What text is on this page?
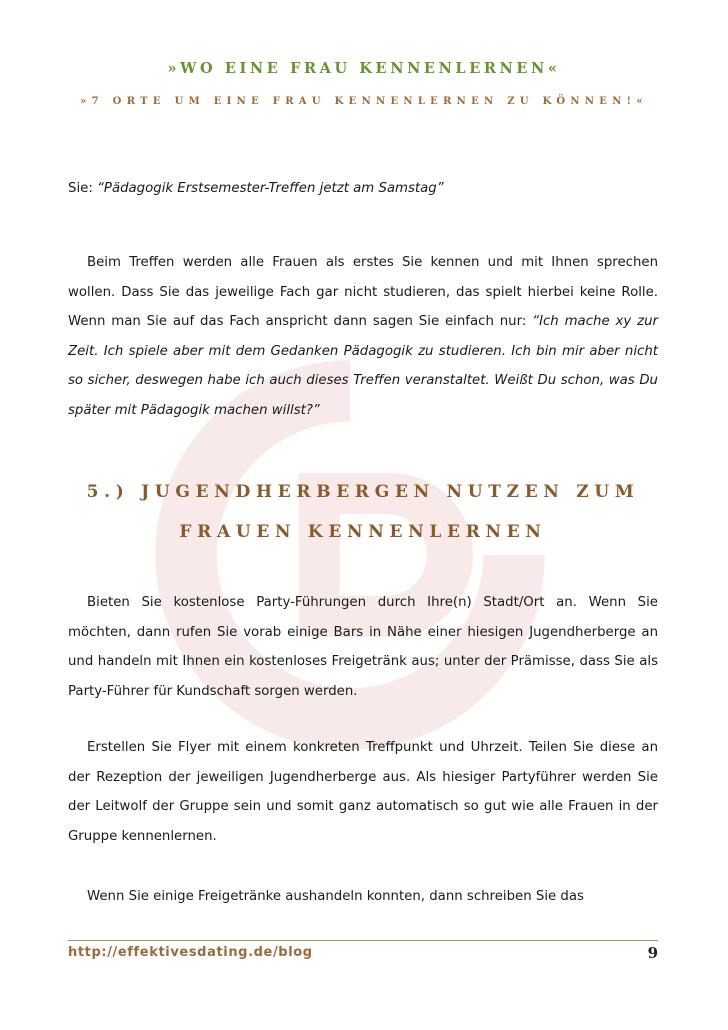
»WO EINE FRAU KENNENLERNEN«
»7 ORTE UM EINE FRAU KENNENLERNEN ZU KÖNNEN!«
Sie: “Pädagogik Erstsemester-Treffen jetzt am Samstag”
Beim Treffen werden alle Frauen als erstes Sie kennen und mit Ihnen sprechen wollen. Dass Sie das jeweilige Fach gar nicht studieren, das spielt hierbei keine Rolle. Wenn man Sie auf das Fach anspricht dann sagen Sie einfach nur: “Ich mache xy zur Zeit. Ich spiele aber mit dem Gedanken Pädagogik zu studieren. Ich bin mir aber nicht so sicher, deswegen habe ich auch dieses Treffen veranstaltet. Weißt Du schon, was Du später mit Pädagogik machen willst?”
5.) JUGENDHERBERGEN NUTZEN ZUM
FRAUEN KENNENLERNEN
Bieten Sie kostenlose Party-Führungen durch Ihre(n) Stadt/Ort an. Wenn Sie möchten, dann rufen Sie vorab einige Bars in Nähe einer hiesigen Jugendherberge an und handeln mit Ihnen ein kostenloses Freigetränk aus; unter der Prämisse, dass Sie als Party-Führer für Kundschaft sorgen werden.
Erstellen Sie Flyer mit einem konkreten Treffpunkt und Uhrzeit. Teilen Sie diese an der Rezeption der jeweiligen Jugendherberge aus. Als hiesiger Partyführer werden Sie der Leitwolf der Gruppe sein und somit ganz automatisch so gut wie alle Frauen in der Gruppe kennenlernen.
Wenn Sie einige Freigetränke aushandeln konnten, dann schreiben Sie das
http://effektivesdating.de/blog	9
